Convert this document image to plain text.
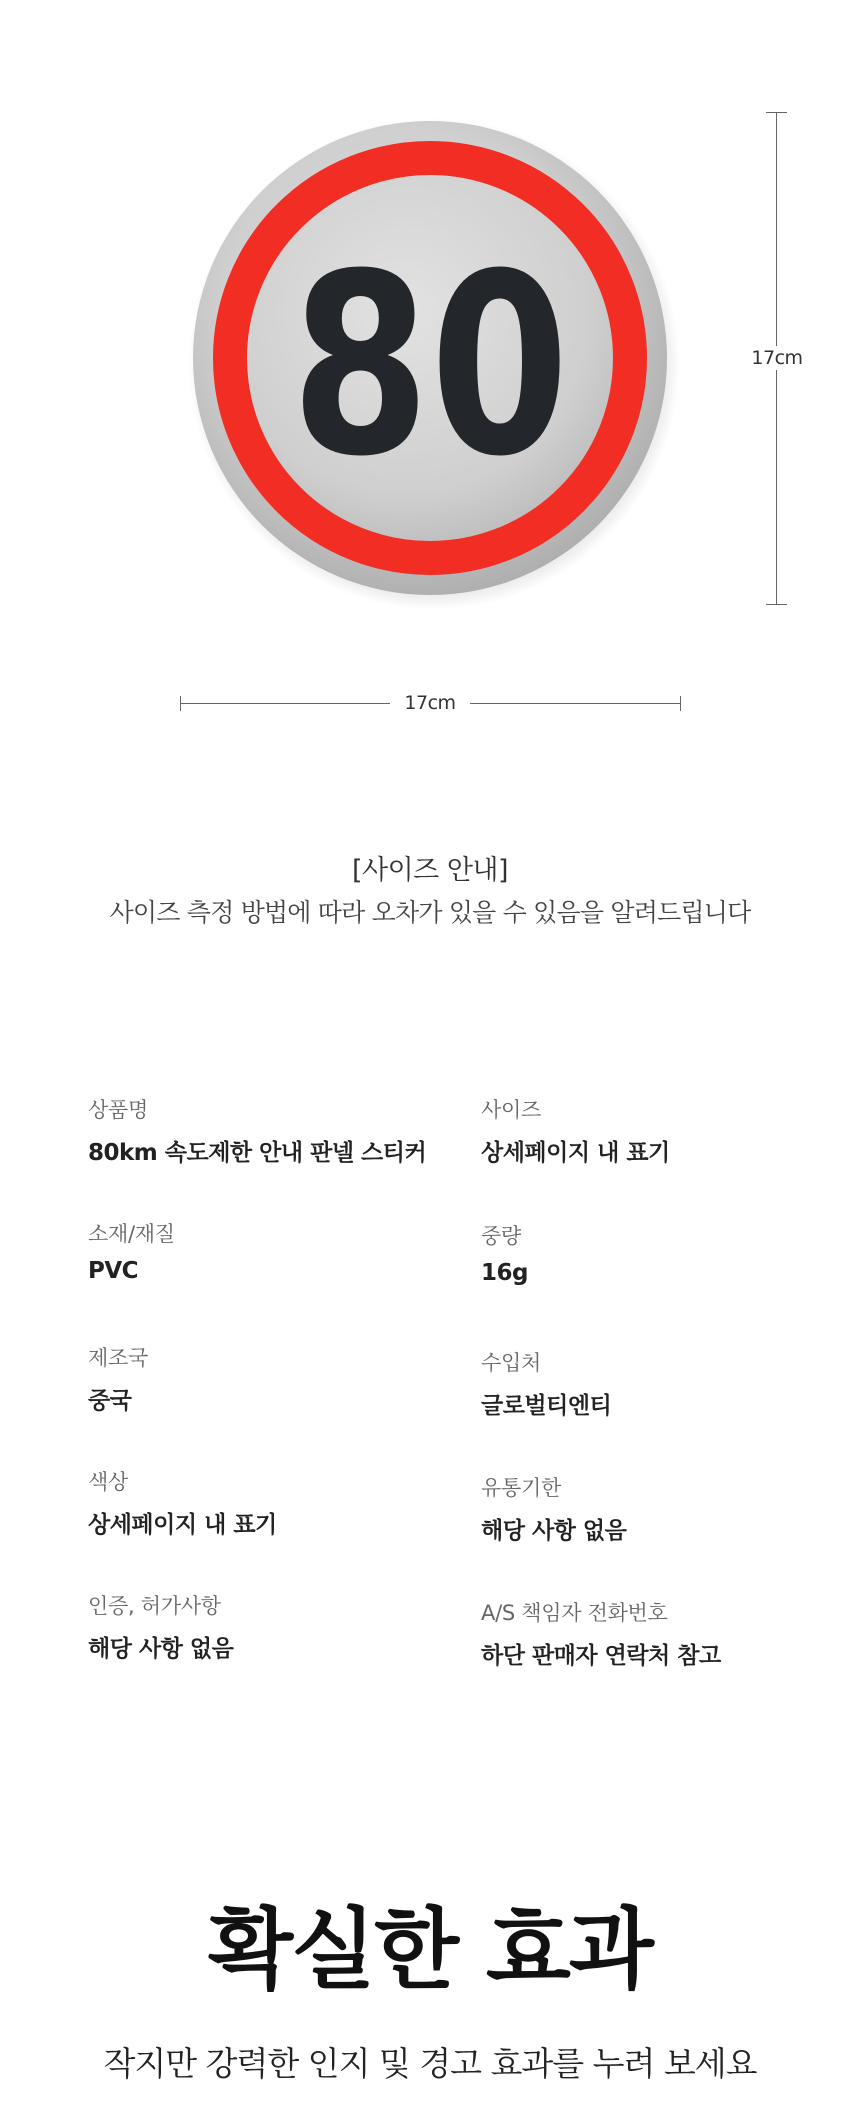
80	17cm
17cm
[사이즈 안내]
사이즈 측정 방법에 따라 오차가 있을 수 있음을 알려드립니다
상품명
80km 속도제한 안내 판넬 스티커
소재/재질
PVC
제조국
중국
색상
상세페이지 내 표기
인증, 허가사항
해당 사항 없음
사이즈
상세페이지 내 표기
중량
16g
수입처
글로벌티엔티
유통기한
해당 사항 없음
A/S 책임자 전화번호
하단 판매자 연락처 참고
확실한 효과
작지만 강력한 인지 및 경고 효과를 누려 보세요
